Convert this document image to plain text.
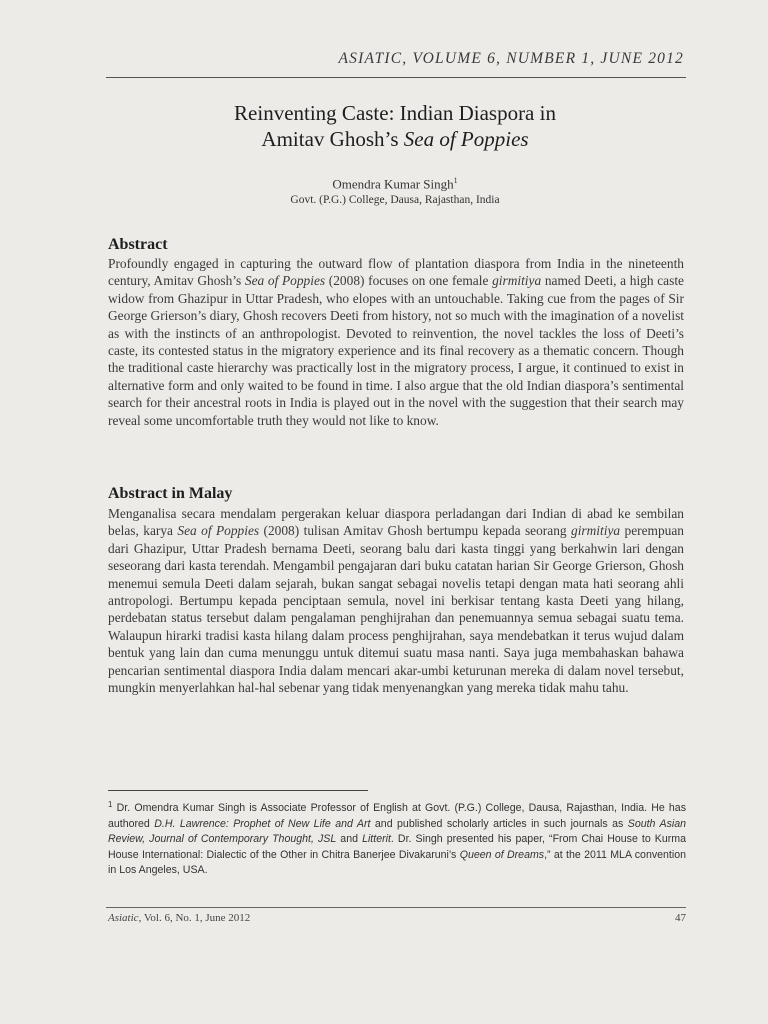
ASIATIC, VOLUME 6, NUMBER 1, JUNE 2012
Reinventing Caste: Indian Diaspora in
Amitav Ghosh’s Sea of Poppies
Omendra Kumar Singh$^1$
Govt. (P.G.) College, Dausa, Rajasthan, India
Abstract
Profoundly engaged in capturing the outward flow of plantation diaspora from India in the nineteenth century, Amitav Ghosh’s Sea of Poppies (2008) focuses on one female girmitiya named Deeti, a high caste widow from Ghazipur in Uttar Pradesh, who elopes with an untouchable. Taking cue from the pages of Sir George Grierson’s diary, Ghosh recovers Deeti from history, not so much with the imagination of a novelist as with the instincts of an anthropologist. Devoted to reinvention, the novel tackles the loss of Deeti’s caste, its contested status in the migratory experience and its final recovery as a thematic concern. Though the traditional caste hierarchy was practically lost in the migratory process, I argue, it continued to exist in alternative form and only waited to be found in time. I also argue that the old Indian diaspora’s sentimental search for their ancestral roots in India is played out in the novel with the suggestion that their search may reveal some uncomfortable truth they would not like to know.
Abstract in Malay
Menganalisa secara mendalam pergerakan keluar diaspora perladangan dari Indian di abad ke sembilan belas, karya Sea of Poppies (2008) tulisan Amitav Ghosh bertumpu kepada seorang girmitiya perempuan dari Ghazipur, Uttar Pradesh bernama Deeti, seorang balu dari kasta tinggi yang berkahwin lari dengan seseorang dari kasta terendah. Mengambil pengajaran dari buku catatan harian Sir George Grierson, Ghosh menemui semula Deeti dalam sejarah, bukan sangat sebagai novelis tetapi dengan mata hati seorang ahli antropologi. Bertumpu kepada penciptaan semula, novel ini berkisar tentang kasta Deeti yang hilang, perdebatan status tersebut dalam pengalaman penghijrahan dan penemuannya semua sebagai suatu tema. Walaupun hirarki tradisi kasta hilang dalam process penghijrahan, saya mendebatkan it terus wujud dalam bentuk yang lain dan cuma menunggu untuk ditemui suatu masa nanti. Saya juga membahaskan bahawa pencarian sentimental diaspora India dalam mencari akar-umbi keturunan mereka di dalam novel tersebut, mungkin menyerlahkan hal-hal sebenar yang tidak menyenangkan yang mereka tidak mahu tahu.
$^1$ Dr. Omendra Kumar Singh is Associate Professor of English at Govt. (P.G.) College, Dausa, Rajasthan, India. He has authored D.H. Lawrence: Prophet of New Life and Art and published scholarly articles in such journals as South Asian Review, Journal of Contemporary Thought, JSL and Litterit. Dr. Singh presented his paper, “From Chai House to Kurma House International: Dialectic of the Other in Chitra Banerjee Divakaruni’s Queen of Dreams,” at the 2011 MLA convention in Los Angeles, USA.
Asiatic, Vol. 6, No. 1, June 2012	47
